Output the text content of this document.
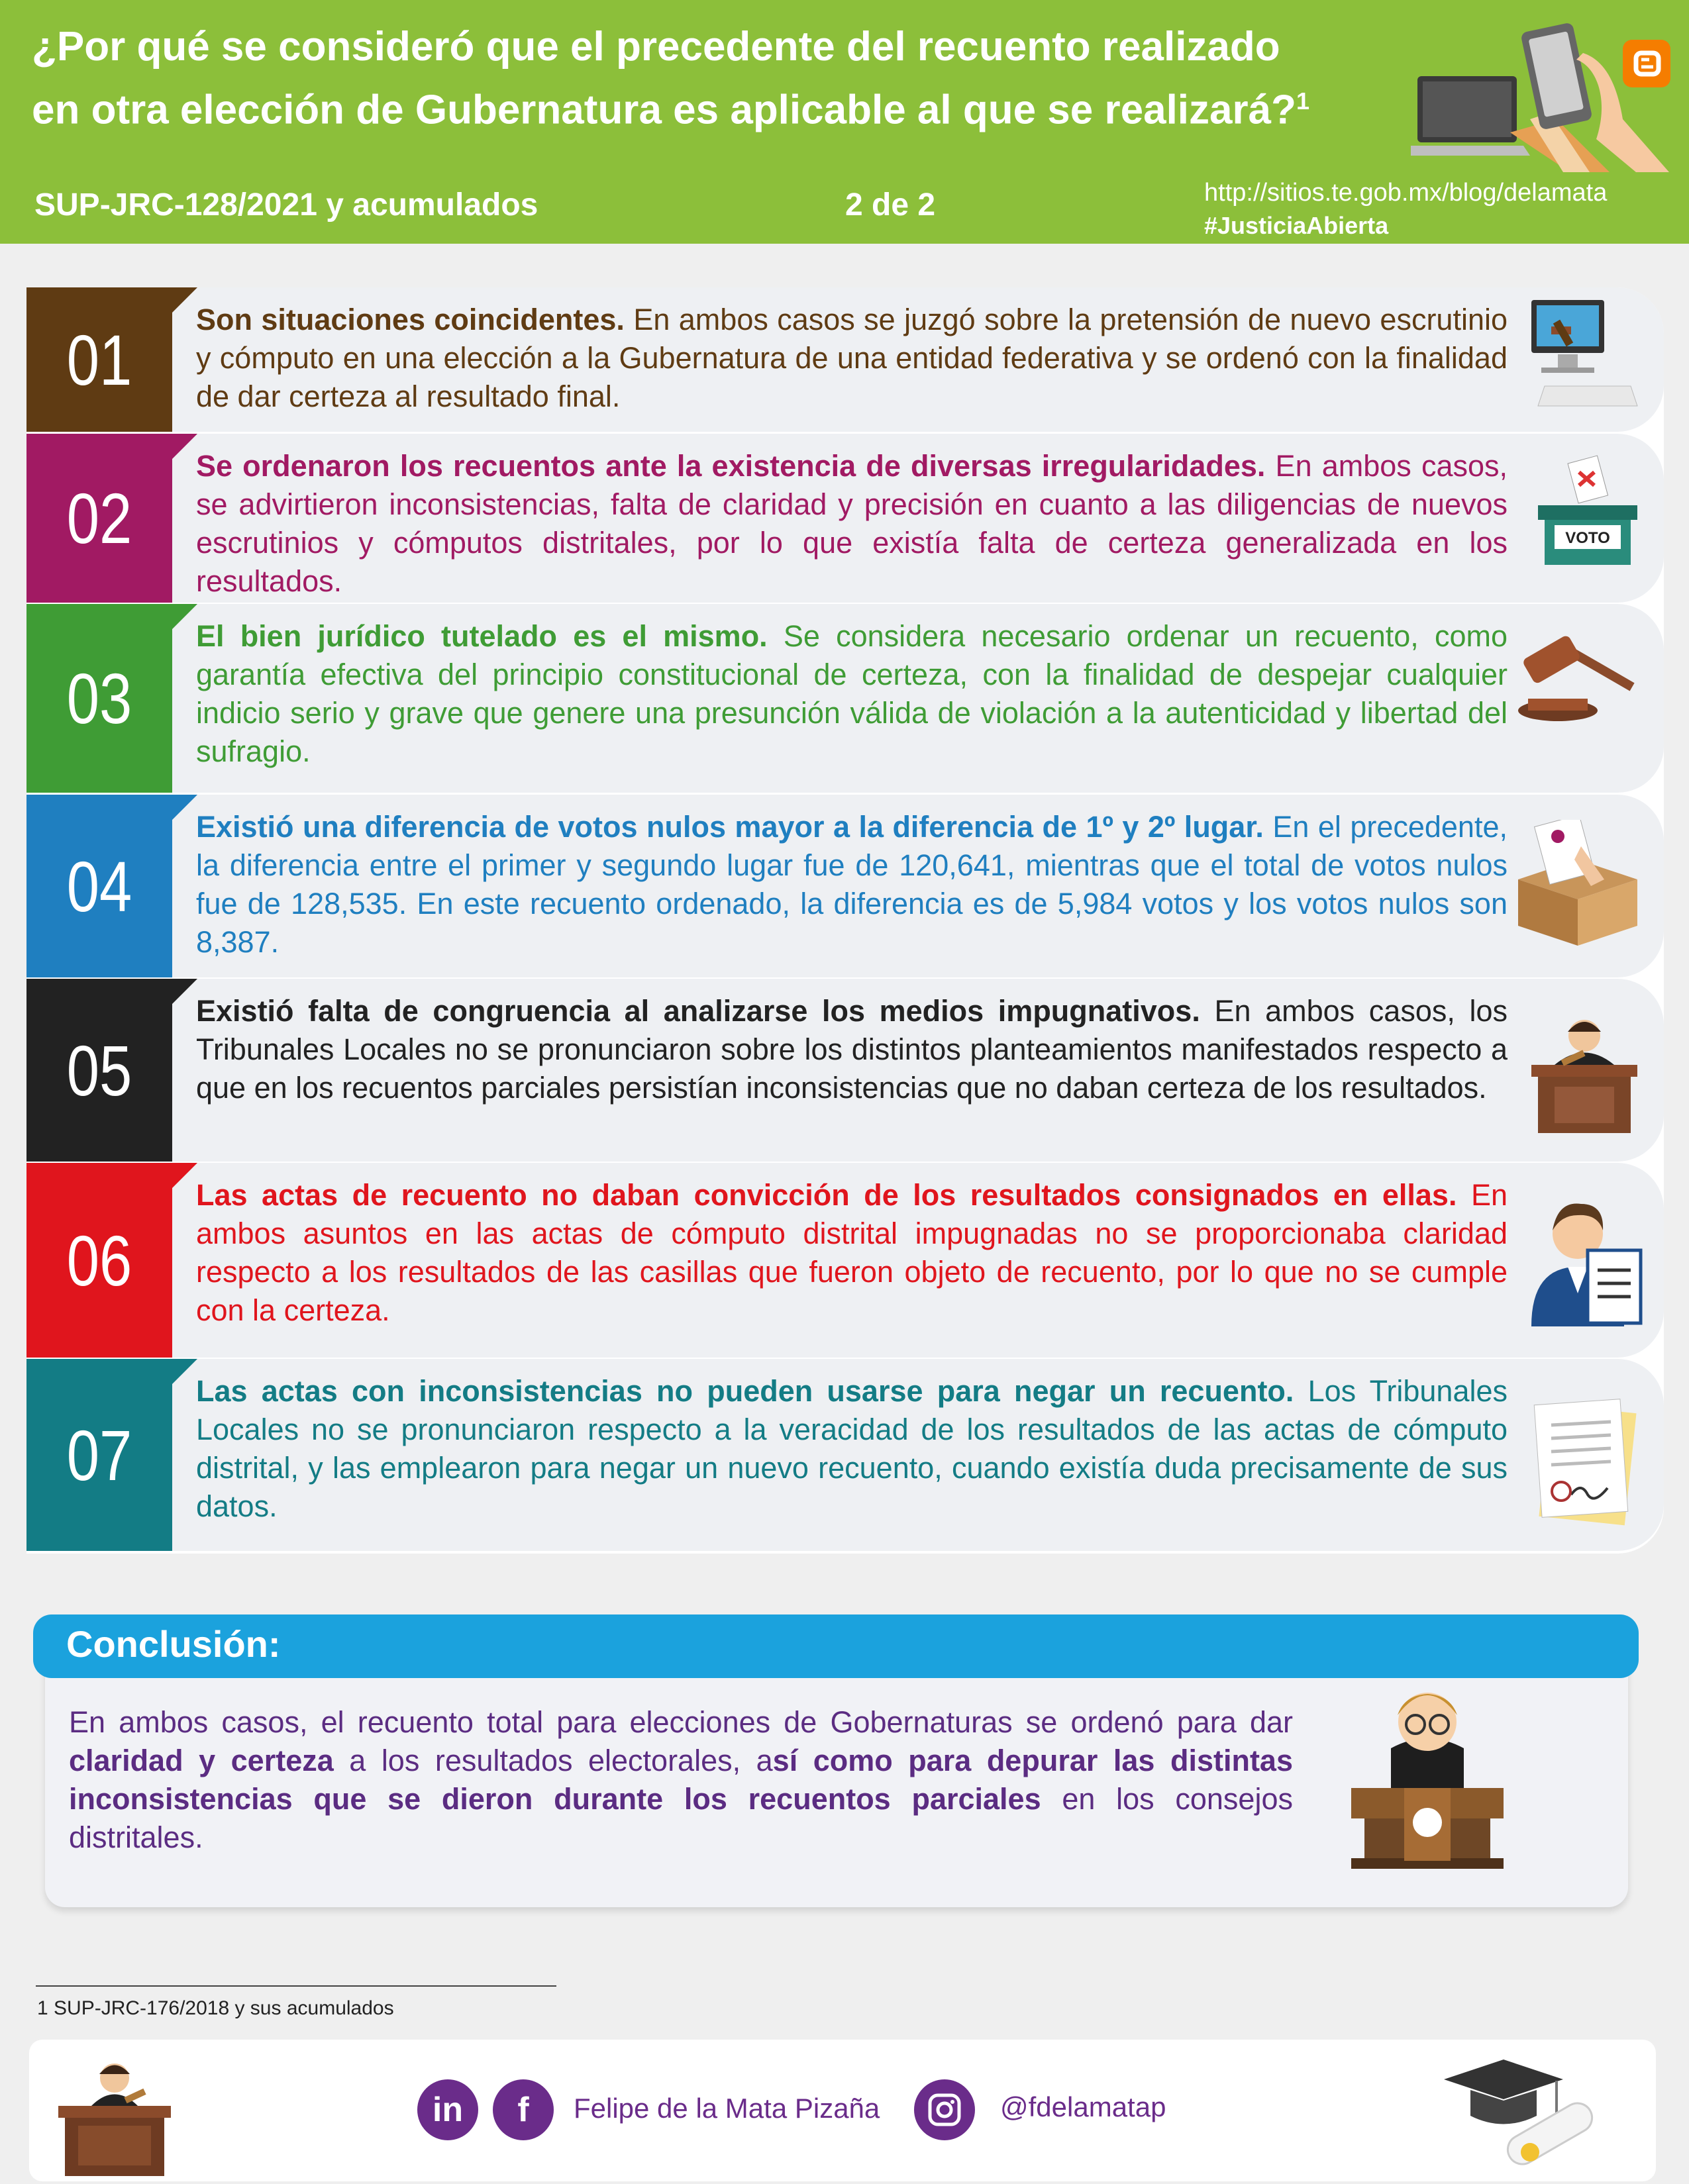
¿Por qué se consideró que el precedente del recuento realizado
en otra elección de Gubernatura es aplicable al que se realizará?$^1$
SUP-JRC-128/2021 y acumulados	2 de 2	http://sitios.te.gob.mx/blog/delamata
#JusticiaAbierta
01	Son situaciones coincidentes. En ambos casos se juzgó sobre la pretensión de nuevo escrutinio y cómputo en una elección a la Gubernatura de una entidad federativa y se ordenó con la finalidad de dar certeza al resultado final.
02
Se ordenaron los recuentos ante la existencia de diversas irregularidades. En ambos casos, se advirtieron inconsistencias, falta de claridad y precisión en cuanto a las diligencias de nuevos escrutinios y cómputos distritales, por lo que existía falta de certeza generalizada en los resultados.
VOTO
03
El bien jurídico tutelado es el mismo. Se considera necesario ordenar un recuento, como garantía efectiva del principio constitucional de certeza, con la finalidad de despejar cualquier indicio serio y grave que genere una presunción válida de violación a la autenticidad y libertad del sufragio.
04
Existió una diferencia de votos nulos mayor a la diferencia de 1º y 2º lugar. En el precedente, la diferencia entre el primer y segundo lugar fue de 120,641, mientras que el total de votos nulos fue de 128,535. En este recuento ordenado, la diferencia es de 5,984 votos y los votos nulos son 8,387.
05
Existió falta de congruencia al analizarse los medios impugnativos. En ambos casos, los Tribunales Locales no se pronunciaron sobre los distintos planteamientos manifestados respecto a que en los recuentos parciales persistían inconsistencias que no daban certeza de los resultados.
06
Las actas de recuento no daban convicción de los resultados consignados en ellas. En ambos asuntos en las actas de cómputo distrital impugnadas no se proporcionaba claridad respecto a los resultados de las casillas que fueron objeto de recuento, por lo que no se cumple con la certeza.
07
Las actas con inconsistencias no pueden usarse para negar un recuento. Los Tribunales Locales no se pronunciaron respecto a la veracidad de los resultados de las actas de cómputo distrital, y las emplearon para negar un nuevo recuento, cuando existía duda precisamente de sus datos.
Conclusión:
En ambos casos, el recuento total para elecciones de Gobernaturas se ordenó para dar claridad y certeza a los resultados electorales, así como para depurar las distintas inconsistencias que se dieron durante los recuentos parciales en los consejos distritales.
1 SUP-JRC-176/2018 y sus acumulados
in	f	Felipe de la Mata Pizaña	@fdelamatap
